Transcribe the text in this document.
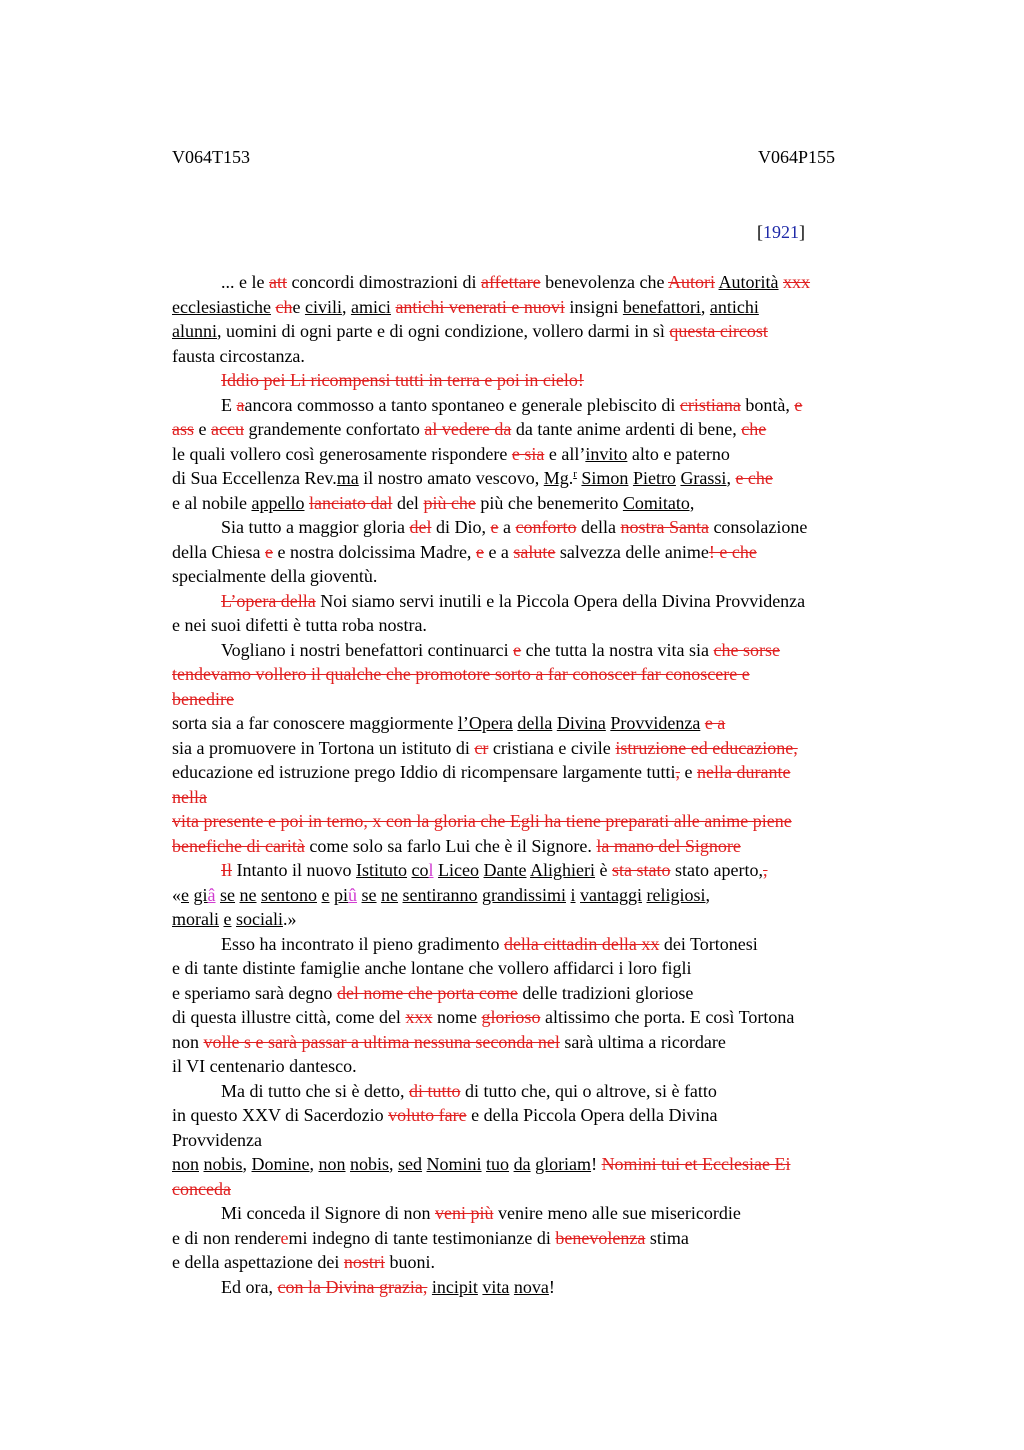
V064T153	V064P155
[1921]
... e le att concordi dimostrazioni di affettare benevolenza che Autori Autorità xxx
ecclesiastiche che civili, amici antichi venerati e nuovi insigni benefattori, antichi
alunni, uomini di ogni parte e di ogni condizione, vollero darmi in sì questa circost
fausta circostanza.
Iddio pei Li ricompensi tutti in terra e poi in cielo!
E aancora commosso a tanto spontaneo e generale plebiscito di cristiana bontà, e
ass e accu grandemente confortato al vedere da da tante anime ardenti di bene, che
le quali vollero così generosamente rispondere e sia e all’invito alto e paterno
di Sua Eccellenza Rev.ma il nostro amato vescovo, Mg.$^r$ Simon Pietro Grassi, e che
e al nobile appello lanciato dal del più che più che benemerito Comitato,
Sia tutto a maggior gloria del di Dio, e a conforto della nostra Santa consolazione
della Chiesa e e nostra dolcissima Madre, e e a salute salvezza delle anime! e che
specialmente della gioventù.
L’opera della Noi siamo servi inutili e la Piccola Opera della Divina Provvidenza
e nei suoi difetti è tutta roba nostra.
Vogliano i nostri benefattori continuarci e che tutta la nostra vita sia che sorse
tendevamo vollero il qualche che promotore sorto a far conoscer far conoscere e
benedire
sorta sia a far conoscere maggiormente l’Opera della Divina Provvidenza e a
sia a promuovere in Tortona un istituto di cr cristiana e civile istruzione ed educazione,
educazione ed istruzione prego Iddio di ricompensare largamente tutti, e nella durante
nella
vita presente e poi in terno, x con la gloria che Egli ha tiene preparati alle anime piene
benefiche di carità come solo sa farlo Lui che è il Signore. la mano del Signore
Il Intanto il nuovo Istituto col Liceo Dante Alighieri è sta stato stato aperto,,
«e giâ se ne sentono e piû se ne sentiranno grandissimi i vantaggi religiosi,
morali e sociali.»
Esso ha incontrato il pieno gradimento della cittadin della xx dei Tortonesi
e di tante distinte famiglie anche lontane che vollero affidarci i loro figli
e speriamo sarà degno del nome che porta come delle tradizioni gloriose
di questa illustre città, come del xxx nome glorioso altissimo che porta. E così Tortona
non volle s e sarà passar a ultima nessuna seconda nel sarà ultima a ricordare
il VI centenario dantesco.
Ma di tutto che si è detto, di tutto di tutto che, qui o altrove, si è fatto
in questo XXV di Sacerdozio voluto fare e della Piccola Opera della Divina
Provvidenza
non nobis, Domine, non nobis, sed Nomini tuo da gloriam! Nomini tui et Ecclesiae Ei
conceda
Mi conceda il Signore di non veni più venire meno alle sue misericordie
e di non renderemi indegno di tante testimonianze di benevolenza stima
e della aspettazione dei nostri buoni.
Ed ora, con la Divina grazia, incipit vita nova!
